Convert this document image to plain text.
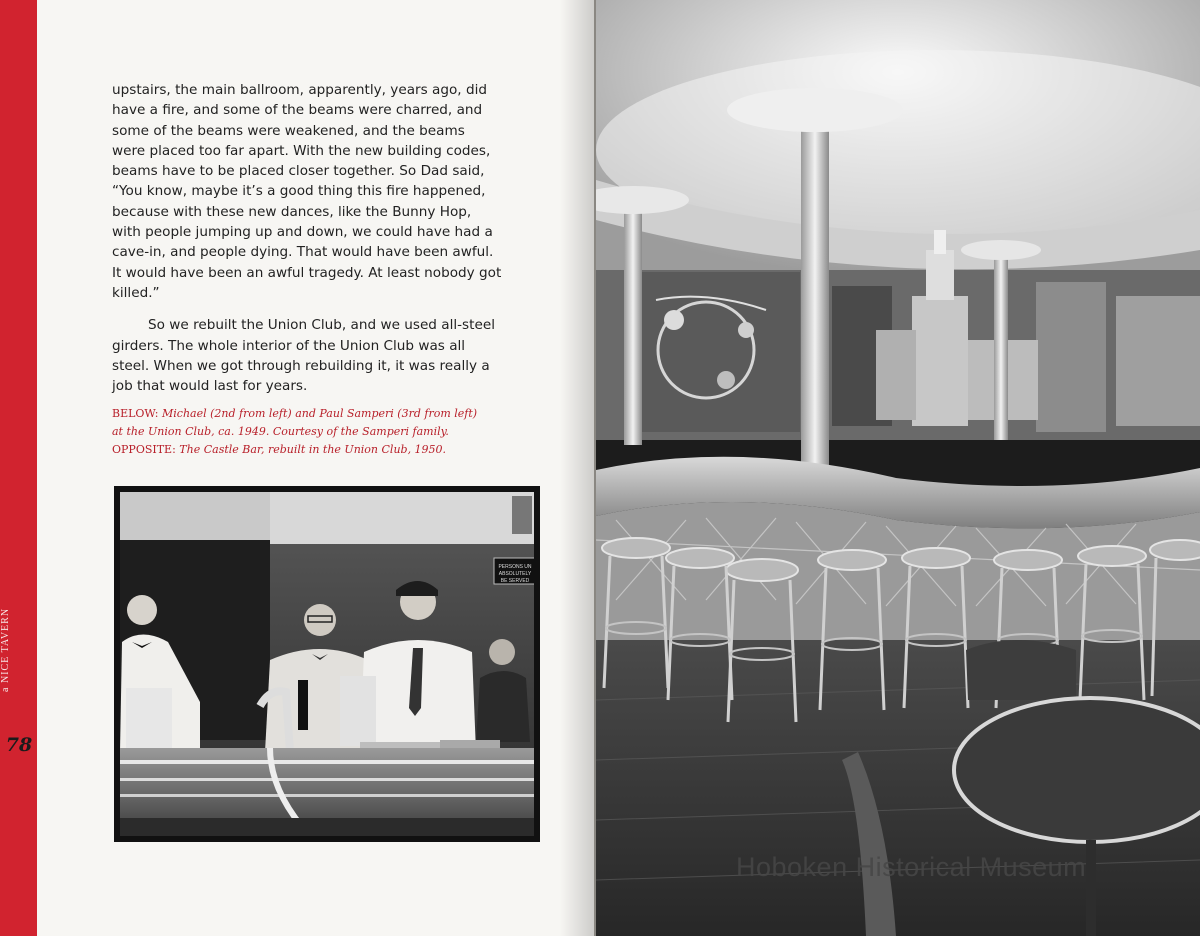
a NICE TAVERN
78

upstairs, the main ballroom, apparently, years ago, did have a fire, and some of the beams were charred, and some of the beams were weakened, and the beams were placed too far apart. With the new building codes, beams have to be placed closer together. So Dad said, “You know, maybe it’s a good thing this fire happened, because with these new dances, like the Bunny Hop, with people jumping up and down, we could have had a cave-in, and people dying. That would have been awful. It would have been an awful tragedy. At least nobody got killed.”

So we rebuilt the Union Club, and we used all-steel girders. The whole interior of the Union Club was all steel. When we got through rebuilding it, it was really a job that would last for years.

BELOW: Michael (2nd from left) and Paul Samperi (3rd from left)
at the Union Club, ca. 1949. Courtesy of the Samperi family.
OPPOSITE: The Castle Bar, rebuilt in the Union Club, 1950.
PERSONS UN
ABSOLUTELY
BE SERVED
Hoboken Historical Museum
